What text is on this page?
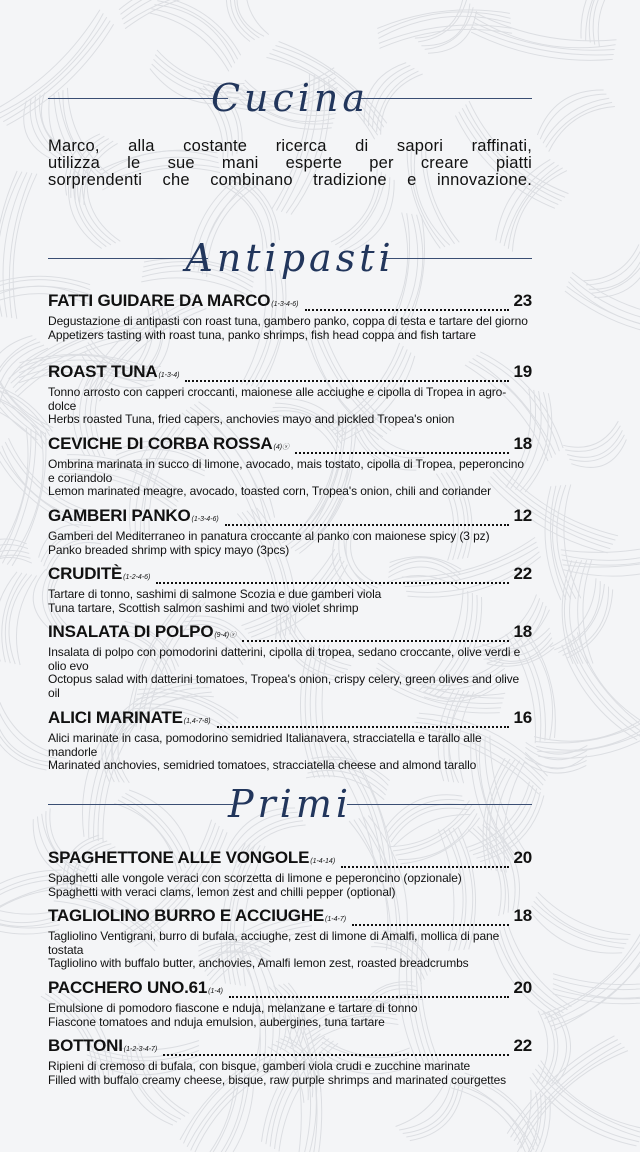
Cucina
Marco, alla costante ricerca di sapori raffinati,
utilizza le sue mani esperte per creare piatti
sorprendenti che combinano tradizione e innovazione.
Antipasti
FATTI GUIDARE DA MARCO (1-3-4-6)	23

Degustazione di antipasti con roast tuna, gambero panko, coppa di testa e tartare del giorno

Appetizers tasting with roast tuna, panko shrimps, fish head coppa and fish tartare

ROAST TUNA (1-3-4)	19

Tonno arrosto con capperi croccanti, maionese alle acciughe e cipolla di Tropea in agro-dolce

Herbs roasted Tuna, fried capers, anchovies mayo and pickled Tropea's onion

CEVICHE DI CORBA ROSSA (4)ⓢ	18

Ombrina marinata in succo di limone, avocado, mais tostato, cipolla di Tropea, peperoncino e coriandolo

Lemon marinated meagre, avocado, toasted corn, Tropea's onion, chili and coriander

GAMBERI PANKO (1-3-4-6)	12

Gamberi del Mediterraneo in panatura croccante al panko con maionese spicy (3 pz)

Panko breaded shrimp with spicy mayo (3pcs)

CRUDITÈ (1-2-4-6)	22

Tartare di tonno, sashimi di salmone Scozia e due gamberi viola

Tuna tartare, Scottish salmon sashimi and two violet shrimp

INSALATA DI POLPO (9-4)ⓢ	18

Insalata di polpo con pomodorini datterini, cipolla di tropea, sedano croccante, olive verdi e olio evo

Octopus salad with datterini tomatoes, Tropea's onion, crispy celery, green olives and olive oil

ALICI MARINATE (1,4-7-8)	16

Alici marinate in casa, pomodorino semidried Italianavera, stracciatella e tarallo alle mandorle

Marinated anchovies, semidried tomatoes, stracciatella cheese and almond tarallo

Primi
SPAGHETTONE ALLE VONGOLE (1-4-14)	20

Spaghetti alle vongole veraci con scorzetta di limone e peperoncino (opzionale)

Spaghetti with veraci clams, lemon zest and chilli pepper (optional)

TAGLIOLINO BURRO E ACCIUGHE (1-4-7)	18

Tagliolino Ventigrani, burro di bufala, acciughe, zest di limone di Amalfi, mollica di pane tostata

Tagliolino with buffalo butter, anchovies, Amalfi lemon zest, roasted breadcrumbs

PACCHERO UNO.61 (1-4)	20

Emulsione di pomodoro fiascone e nduja, melanzane e tartare di tonno

Fiascone tomatoes and nduja emulsion, aubergines, tuna tartare

BOTTONI (1-2-3-4-7)	22

Ripieni di cremoso di bufala, con bisque, gamberi viola crudi e zucchine marinate

Filled with buffalo creamy cheese, bisque, raw purple shrimps and marinated courgettes
